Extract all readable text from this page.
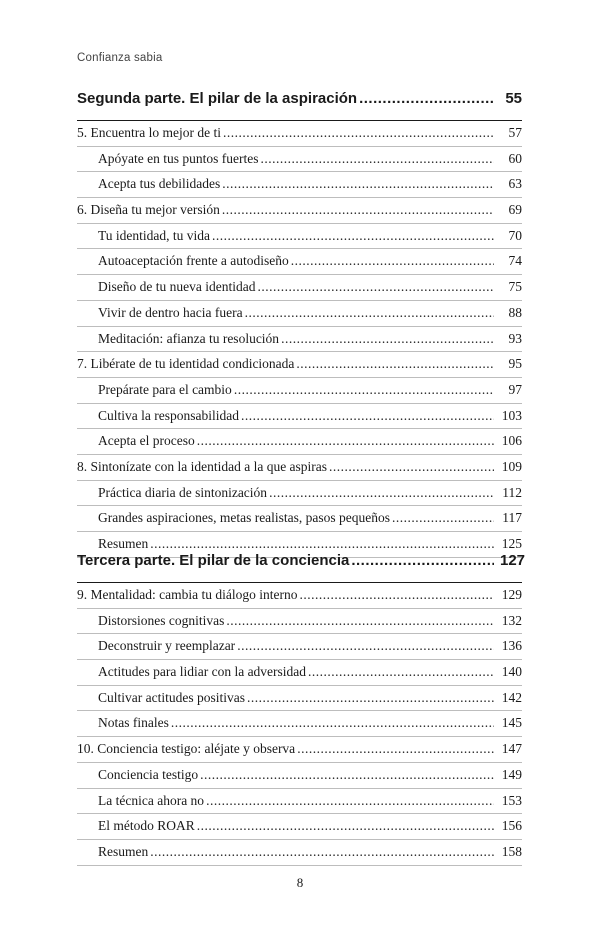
Confianza sabia
Segunda parte. El pilar de la aspiración .....	55
5. Encuentra lo mejor de ti .....	57
Apóyate en tus puntos fuertes .....	60
Acepta tus debilidades .....	63
6. Diseña tu mejor versión .....	69
Tu identidad, tu vida .....	70
Autoaceptación frente a autodiseño .....	74
Diseño de tu nueva identidad .....	75
Vivir de dentro hacia fuera .....	88
Meditación: afianza tu resolución .....	93
7. Libérate de tu identidad condicionada .....	95
Prepárate para el cambio .....	97
Cultiva la responsabilidad .....	103
Acepta el proceso .....	106
8. Sintonízate con la identidad a la que aspiras .....	109
Práctica diaria de sintonización .....	112
Grandes aspiraciones, metas realistas, pasos pequeños .....	117
Resumen .....	125
Tercera parte. El pilar de la conciencia .....	127
9. Mentalidad: cambia tu diálogo interno .....	129
Distorsiones cognitivas .....	132
Deconstruir y reemplazar .....	136
Actitudes para lidiar con la adversidad .....	140
Cultivar actitudes positivas .....	142
Notas finales .....	145
10. Conciencia testigo: aléjate y observa .....	147
Conciencia testigo .....	149
La técnica ahora no .....	153
El método ROAR .....	156
Resumen .....	158
8
